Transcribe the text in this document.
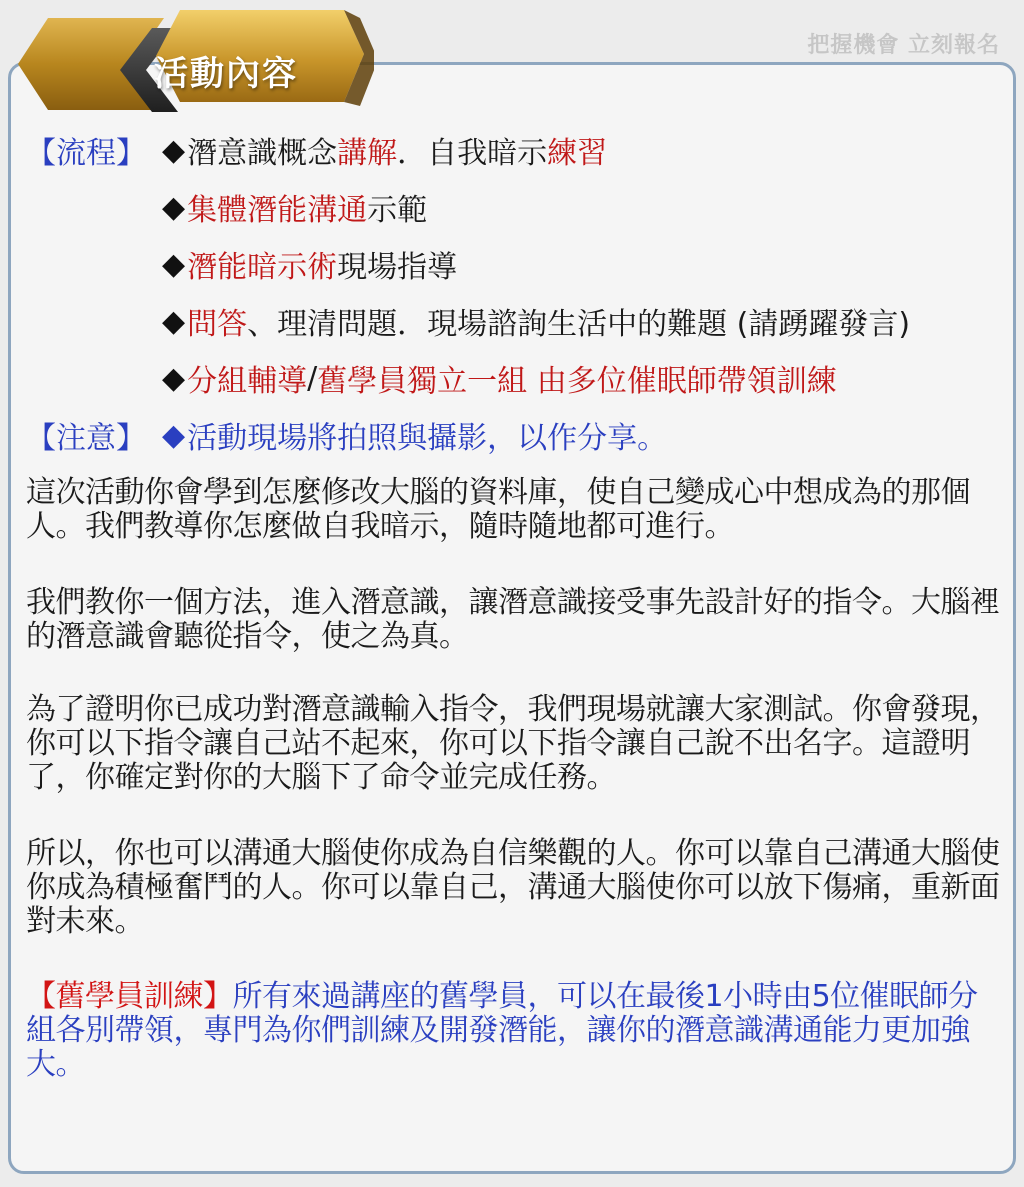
把握機會 立刻報名
活動內容
【流程】 ◆ 潛意識概念 講解 ．自我暗示 練習
◆ 集體潛能溝通 示範
◆ 潛能暗示術 現場指導
◆ 問答 、理清問題．現場諮詢生活中的難題 (請踴躍發言)
◆ 分組輔導 / 舊學員獨立一組 由多位催眠師帶領訓練
【注意】 ◆ 活動現場將拍照與攝影，以作分享。
這次活動你會學到怎麼修改大腦的資料庫，使自己變成心中想成為的那個人。我們教導你怎麼做自我暗示，隨時隨地都可進行。
我們教你一個方法，進入潛意識，讓潛意識接受事先設計好的指令。大腦裡的潛意識會聽從指令，使之為真。
為了證明你已成功對潛意識輸入指令，我們現場就讓大家測試。你會發現，你可以下指令讓自己站不起來，你可以下指令讓自己說不出名字。這證明了，你確定對你的大腦下了命令並完成任務。
所以，你也可以溝通大腦使你成為自信樂觀的人。你可以靠自己溝通大腦使你成為積極奮鬥的人。你可以靠自己，溝通大腦使你可以放下傷痛，重新面對未來。
【舊學員訓練】所有來過講座的舊學員，可以在最後1小時由5位催眠師分組各別帶領，專門為你們訓練及開發潛能，讓你的潛意識溝通能力更加強大。
